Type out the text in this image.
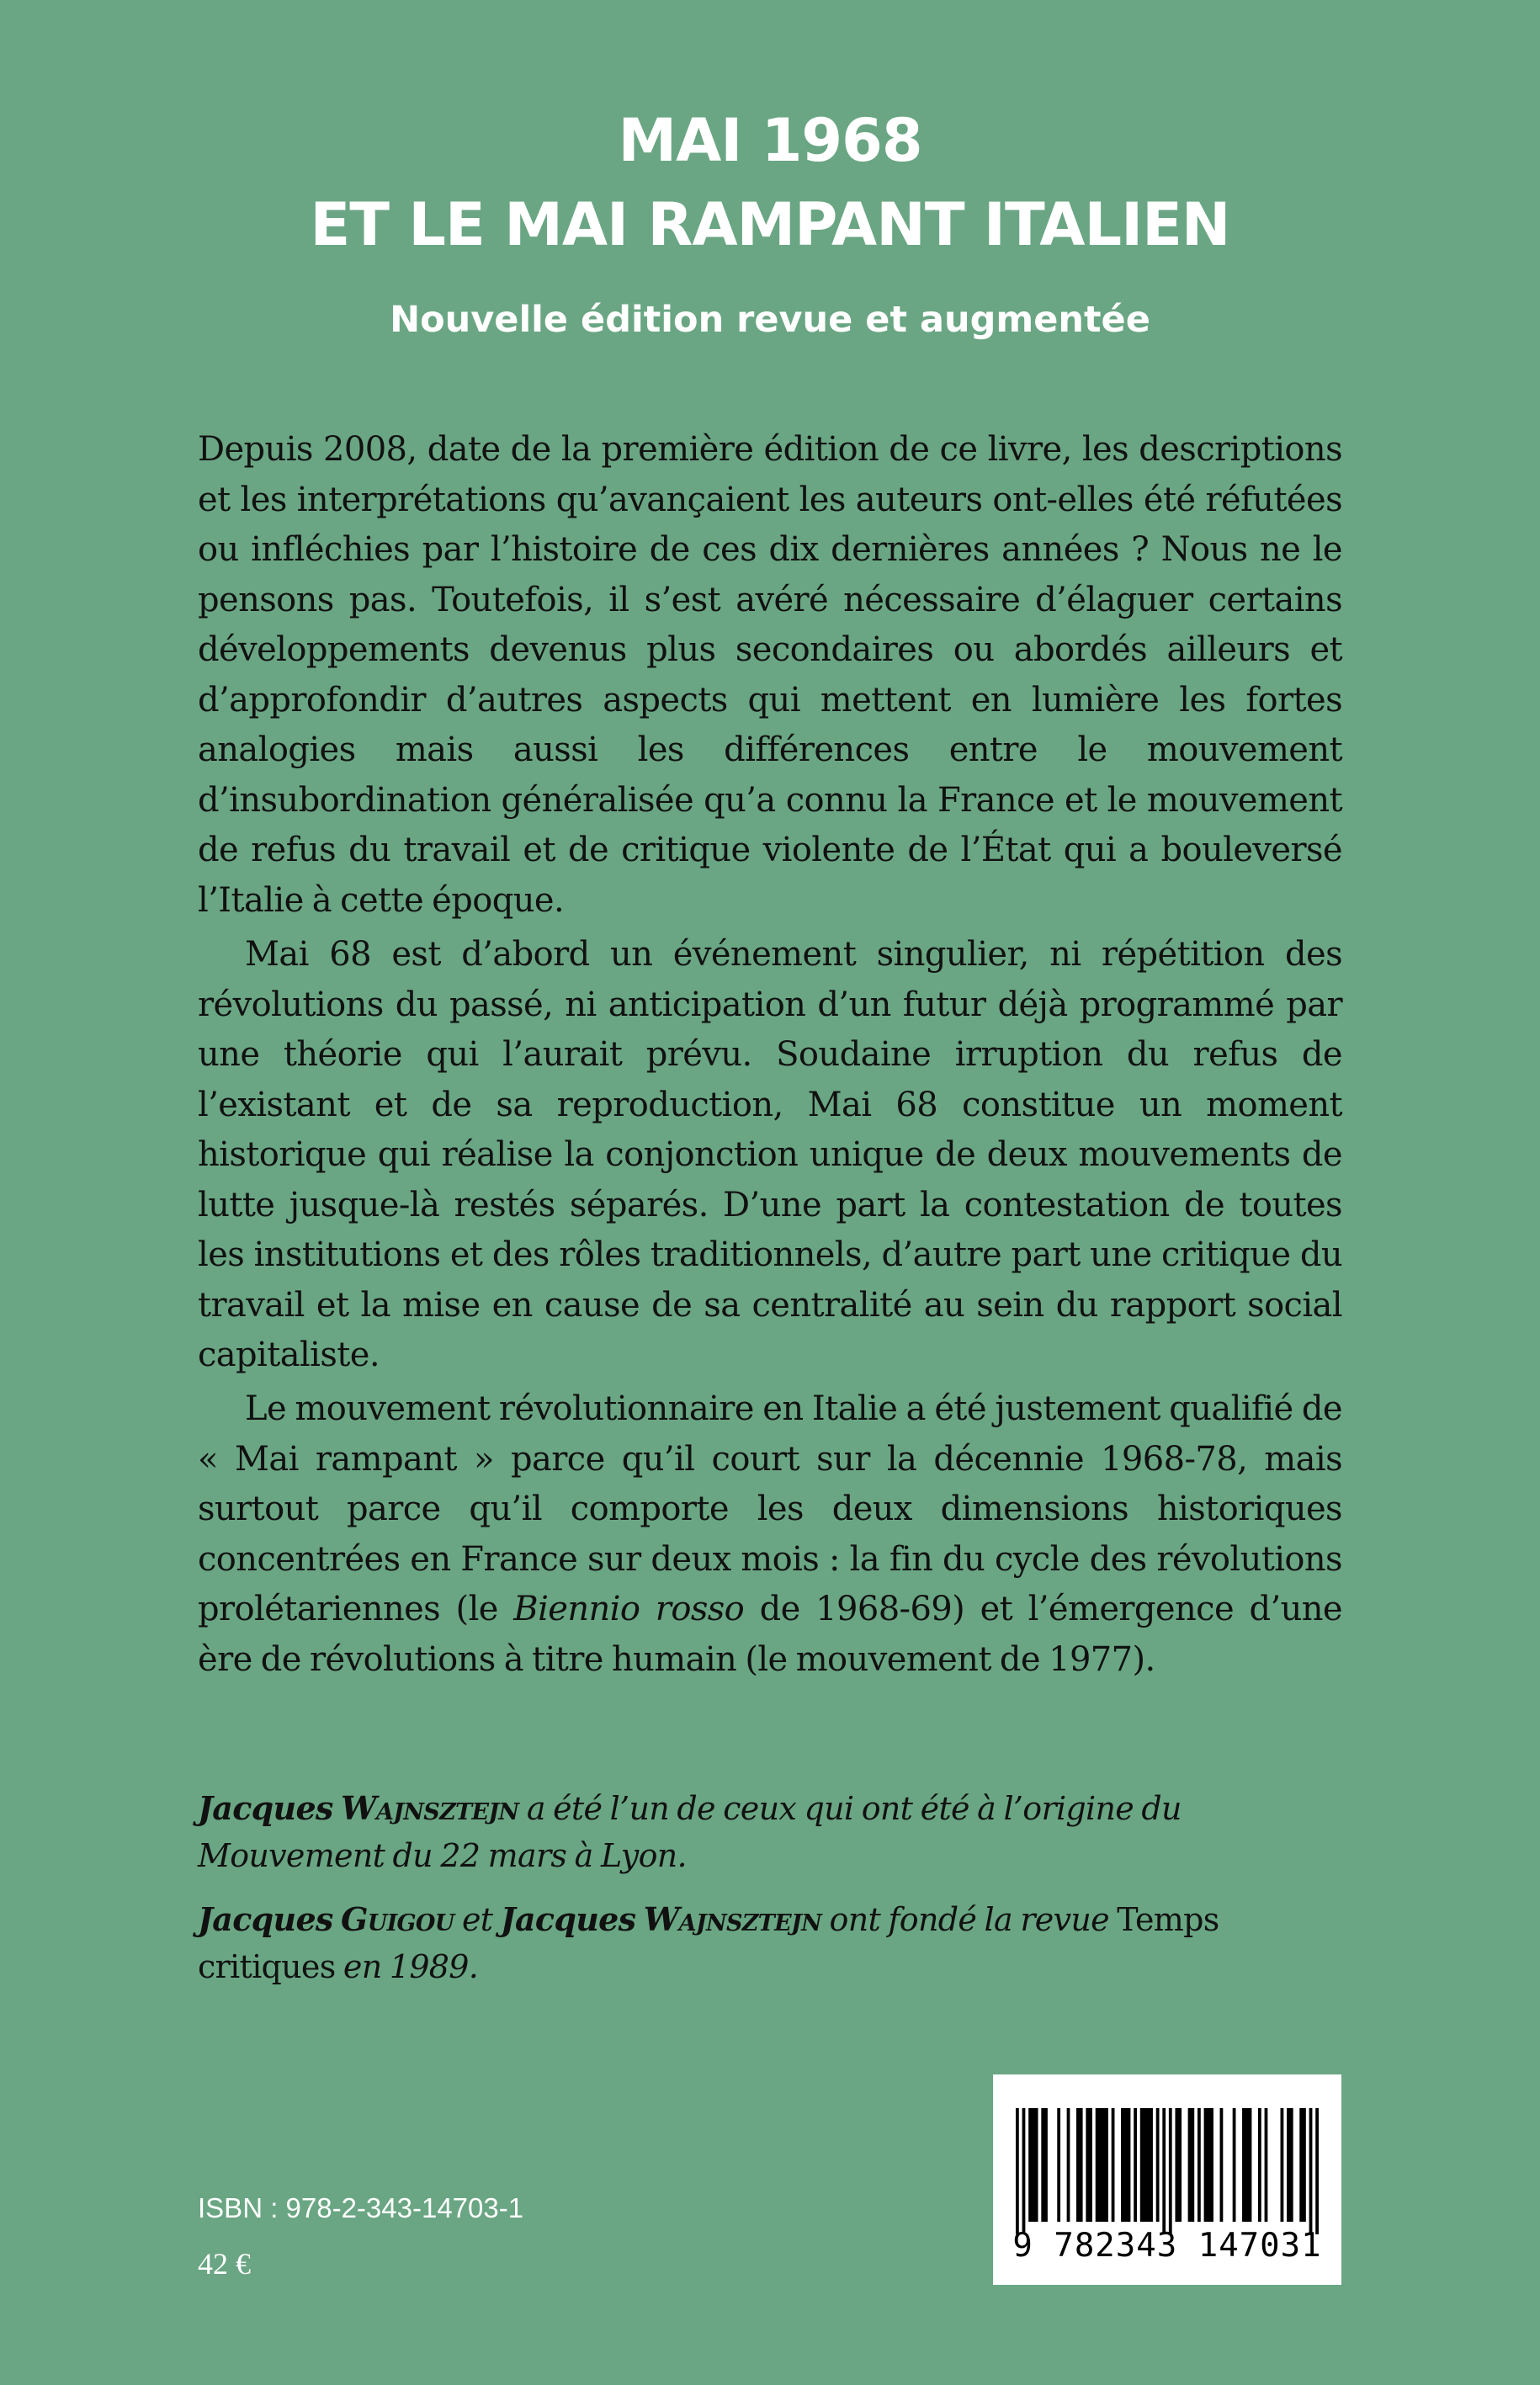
MAI 1968
ET LE MAI RAMPANT ITALIEN
Nouvelle édition revue et augmentée

Depuis 2008, date de la première édition de ce livre, les descriptions et les interprétations qu’avançaient les auteurs ont-elles été réfutées ou infléchies par l’histoire de ces dix dernières années ? Nous ne le pensons pas. Toutefois, il s’est avéré nécessaire d’élaguer certains développements devenus plus secondaires ou abordés ailleurs et d’approfondir d’autres aspects qui mettent en lumière les fortes analogies mais aussi les différences entre le mouvement d’insubordination généralisée qu’a connu la France et le mouvement de refus du travail et de critique violente de l’État qui a bouleversé l’Italie à cette époque.

Mai 68 est d’abord un événement singulier, ni répétition des révolutions du passé, ni anticipation d’un futur déjà programmé par une théorie qui l’aurait prévu. Soudaine irruption du refus de l’existant et de sa reproduction, Mai 68 constitue un moment historique qui réalise la conjonction unique de deux mouvements de lutte jusque-là restés séparés. D’une part la contestation de toutes les institutions et des rôles traditionnels, d’autre part une critique du travail et la mise en cause de sa centralité au sein du rapport social capitaliste.

Le mouvement révolutionnaire en Italie a été justement qualifié de « Mai rampant » parce qu’il court sur la décennie 1968-78, mais surtout parce qu’il comporte les deux dimensions historiques concentrées en France sur deux mois : la fin du cycle des révolutions prolétariennes (le Biennio rosso de 1968-69) et l’émergence d’une ère de révolutions à titre humain (le mouvement de 1977).

Jacques Wajnsztejn a été l’un de ceux qui ont été à l’origine du Mouvement du 22 mars à Lyon.

Jacques Guigou et Jacques Wajnsztejn ont fondé la revue Temps critiques en 1989.

ISBN : 978-2-343-14703-1

42 €	9 782343 147031
